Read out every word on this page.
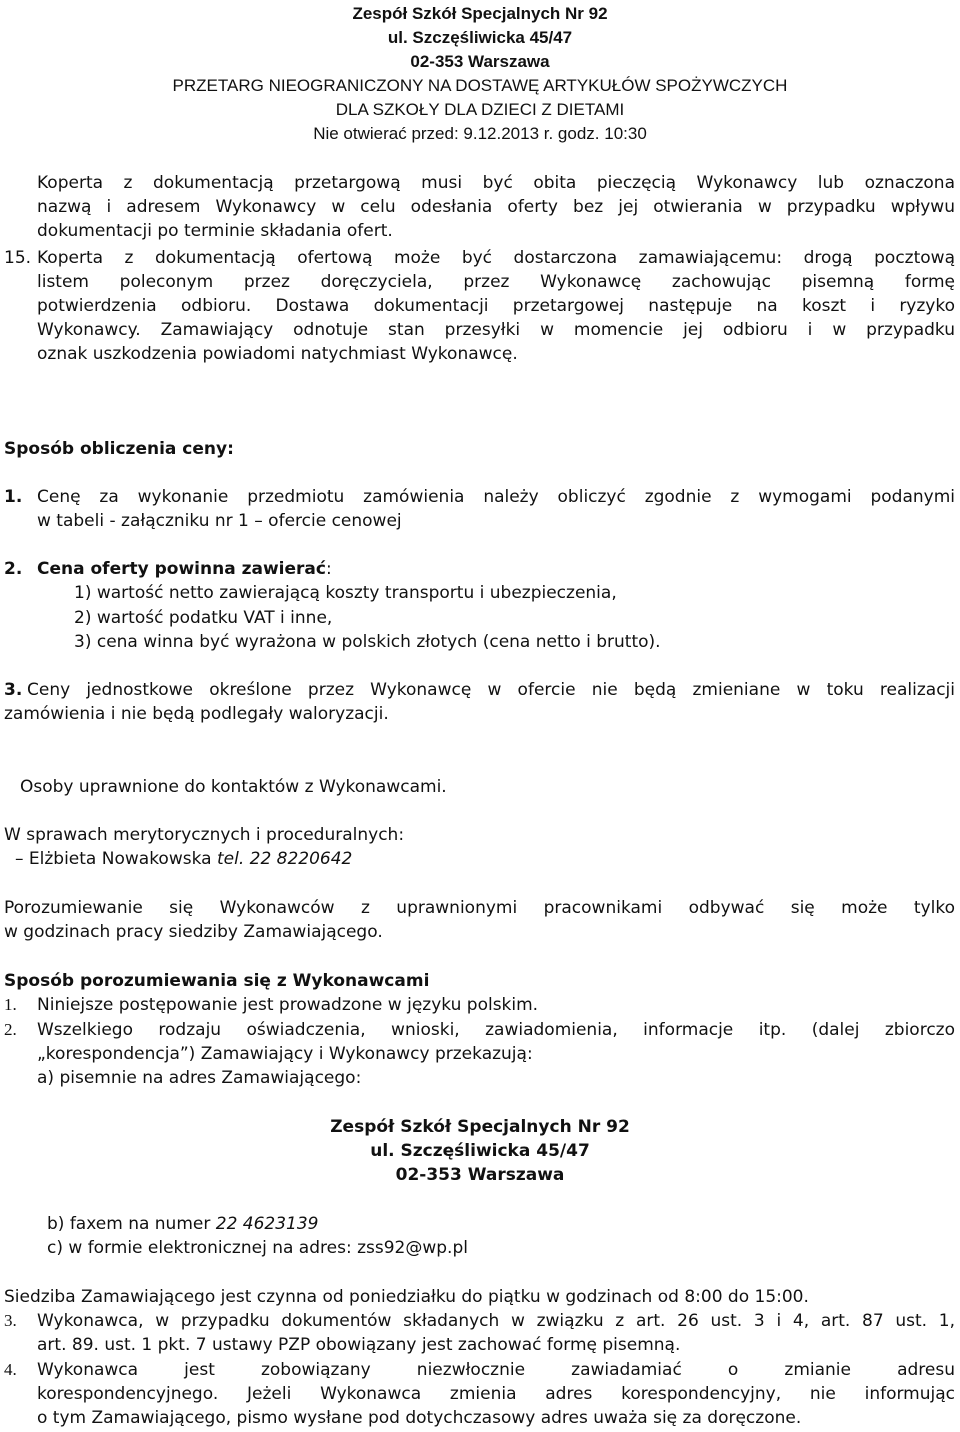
Zespół Szkół Specjalnych Nr 92
ul. Szczęśliwicka 45/47
02-353 Warszawa
PRZETARG NIEOGRANICZONY NA DOSTAWĘ ARTYKUŁÓW SPOŻYWCZYCH
DLA SZKOŁY DLA DZIECI Z DIETAMI
Nie otwierać przed: 9.12.2013 r. godz. 10:30
Koperta z dokumentacją przetargową musi być obita pieczęcią Wykonawcy lub oznaczona
nazwą i adresem Wykonawcy w celu odesłania oferty bez jej otwierania w przypadku wpływu
dokumentacji po terminie składania ofert.
15. Koperta z dokumentacją ofertową może być dostarczona zamawiającemu: drogą pocztową
listem poleconym przez doręczyciela, przez Wykonawcę zachowując pisemną formę
potwierdzenia odbioru. Dostawa dokumentacji przetargowej następuje na koszt i ryzyko
Wykonawcy. Zamawiający odnotuje stan przesyłki w momencie jej odbioru i w przypadku
oznak uszkodzenia powiadomi natychmiast Wykonawcę.
Sposób obliczenia ceny:
1. Cenę za wykonanie przedmiotu zamówienia należy obliczyć zgodnie z wymogami podanymi
w tabeli - załączniku nr 1 – ofercie cenowej
2. Cena oferty powinna zawierać:
1) wartość netto zawierającą koszty transportu i ubezpieczenia,
2) wartość podatku VAT i inne,
3) cena winna być wyrażona w polskich złotych (cena netto i brutto).
3. Ceny jednostkowe określone przez Wykonawcę w ofercie nie będą zmieniane w toku realizacji
zamówienia i nie będą podlegały waloryzacji.
Osoby uprawnione do kontaktów z Wykonawcami.
W sprawach merytorycznych i proceduralnych:
– Elżbieta Nowakowska tel. 22 8220642
Porozumiewanie się Wykonawców z uprawnionymi pracownikami odbywać się może tylko
w godzinach pracy siedziby Zamawiającego.
Sposób porozumiewania się z Wykonawcami
1. Niniejsze postępowanie jest prowadzone w języku polskim.
2. Wszelkiego rodzaju oświadczenia, wnioski, zawiadomienia, informacje itp. (dalej zbiorczo
„korespondencja”) Zamawiający i Wykonawcy przekazują:
a) pisemnie na adres Zamawiającego:
Zespół Szkół Specjalnych Nr 92
ul. Szczęśliwicka 45/47
02-353 Warszawa
b) faxem na numer 22 4623139
c) w formie elektronicznej na adres: zss92@wp.pl
Siedziba Zamawiającego jest czynna od poniedziałku do piątku w godzinach od 8:00 do 15:00.
3. Wykonawca, w przypadku dokumentów składanych w związku z art. 26 ust. 3 i 4, art. 87 ust. 1,
art. 89. ust. 1 pkt. 7 ustawy PZP obowiązany jest zachować formę pisemną.
4. Wykonawca jest zobowiązany niezwłocznie zawiadamiać o zmianie adresu
korespondencyjnego. Jeżeli Wykonawca zmienia adres korespondencyjny, nie informując
o tym Zamawiającego, pismo wysłane pod dotychczasowy adres uważa się za doręczone.
